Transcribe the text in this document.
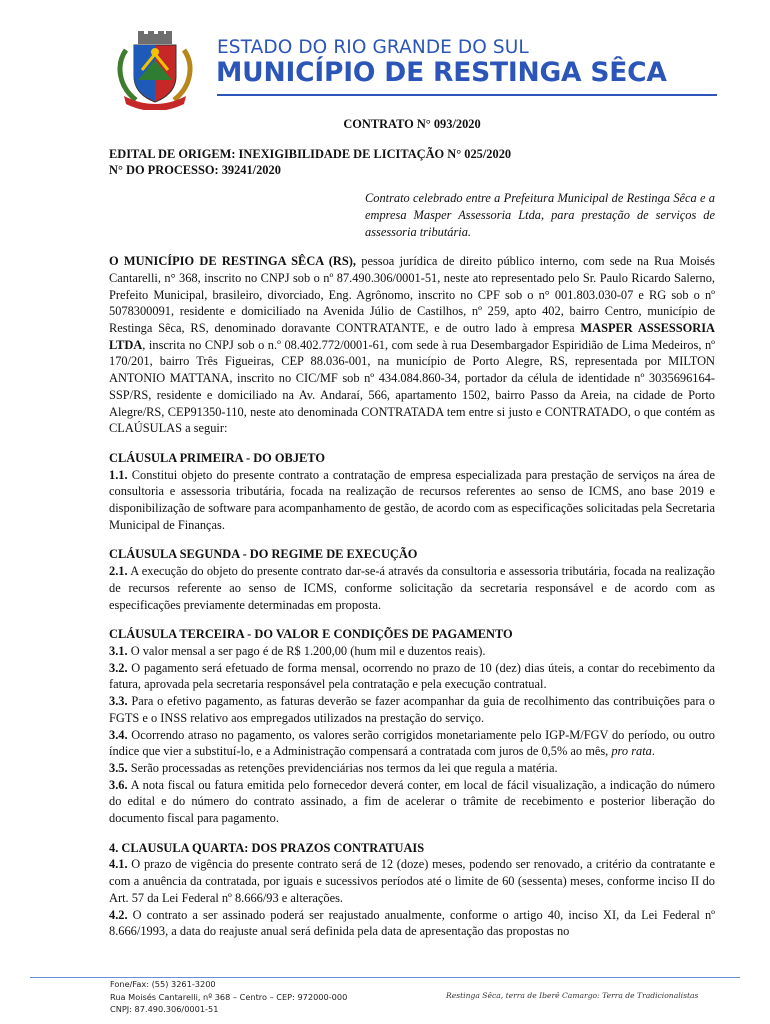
ESTADO DO RIO GRANDE DO SUL
MUNICÍPIO DE RESTINGA SÊCA

CONTRATO N° 093/2020

EDITAL DE ORIGEM: INEXIGIBILIDADE DE LICITAÇÃO N° 025/2020

N° DO PROCESSO: 39241/2020

Contrato celebrado entre a Prefeitura Municipal de Restinga Sêca e a empresa Masper Assessoria Ltda, para prestação de serviços de assessoria tributária.

O MUNICÍPIO DE RESTINGA SÊCA (RS), pessoa jurídica de direito público interno, com sede na Rua Moisés Cantarelli, n° 368, inscrito no CNPJ sob o nº 87.490.306/0001-51, neste ato representado pelo Sr. Paulo Ricardo Salerno, Prefeito Municipal, brasileiro, divorciado, Eng. Agrônomo, inscrito no CPF sob o n° 001.803.030-07 e RG sob o nº 5078300091, residente e domiciliado na Avenida Júlio de Castilhos, nº 259, apto 402, bairro Centro, município de Restinga Sêca, RS, denominado doravante CONTRATANTE, e de outro lado à empresa MASPER ASSESSORIA LTDA, inscrita no CNPJ sob o n.º 08.402.772/0001-61, com sede à rua Desembargador Espiridião de Lima Medeiros, nº 170/201, bairro Três Figueiras, CEP 88.036-001, na município de Porto Alegre, RS, representada por MILTON ANTONIO MATTANA, inscrito no CIC/MF sob nº 434.084.860-34, portador da célula de identidade nº 3035696164-SSP/RS, residente e domiciliado na Av. Andaraí, 566, apartamento 1502, bairro Passo da Areia, na cidade de Porto Alegre/RS, CEP91350-110, neste ato denominada CONTRATADA tem entre si justo e CONTRATADO, o que contém as CLAÚSULAS a seguir:

CLÁUSULA PRIMEIRA - DO OBJETO

1.1. Constitui objeto do presente contrato a contratação de empresa especializada para prestação de serviços na área de consultoria e assessoria tributária, focada na realização de recursos referentes ao senso de ICMS, ano base 2019 e disponibilização de software para acompanhamento de gestão, de acordo com as especificações solicitadas pela Secretaria Municipal de Finanças.

CLÁUSULA SEGUNDA - DO REGIME DE EXECUÇÃO

2.1. A execução do objeto do presente contrato dar-se-á através da consultoria e assessoria tributária, focada na realização de recursos referente ao senso de ICMS, conforme solicitação da secretaria responsável e de acordo com as especificações previamente determinadas em proposta.

CLÁUSULA TERCEIRA - DO VALOR E CONDIÇÕES DE PAGAMENTO

3.1. O valor mensal a ser pago é de R$ 1.200,00 (hum mil e duzentos reais).

3.2. O pagamento será efetuado de forma mensal, ocorrendo no prazo de 10 (dez) dias úteis, a contar do recebimento da fatura, aprovada pela secretaria responsável pela contratação e pela execução contratual.

3.3. Para o efetivo pagamento, as faturas deverão se fazer acompanhar da guia de recolhimento das contribuições para o FGTS e o INSS relativo aos empregados utilizados na prestação do serviço.

3.4. Ocorrendo atraso no pagamento, os valores serão corrigidos monetariamente pelo IGP-M/FGV do período, ou outro índice que vier a substituí-lo, e a Administração compensará a contratada com juros de 0,5% ao mês, pro rata.

3.5. Serão processadas as retenções previdenciárias nos termos da lei que regula a matéria.

3.6. A nota fiscal ou fatura emitida pelo fornecedor deverá conter, em local de fácil visualização, a indicação do número do edital e do número do contrato assinado, a fim de acelerar o trâmite de recebimento e posterior liberação do documento fiscal para pagamento.

4. CLAUSULA QUARTA: DOS PRAZOS CONTRATUAIS

4.1. O prazo de vigência do presente contrato será de 12 (doze) meses, podendo ser renovado, a critério da contratante e com a anuência da contratada, por iguais e sucessivos períodos até o limite de 60 (sessenta) meses, conforme inciso II do Art. 57 da Lei Federal nº 8.666/93 e alterações.

4.2. O contrato a ser assinado poderá ser reajustado anualmente, conforme o artigo 40, inciso XI, da Lei Federal nº 8.666/1993, a data do reajuste anual será definida pela data de apresentação das propostas no

Fone/Fax: (55) 3261-3200
Rua Moisés Cantarelli, nº 368 – Centro – CEP: 972000-000
CNPJ: 87.490.306/0001-51
Restinga Sêca, terra de Iberê Camargo: Terra de Tradicionalistas
